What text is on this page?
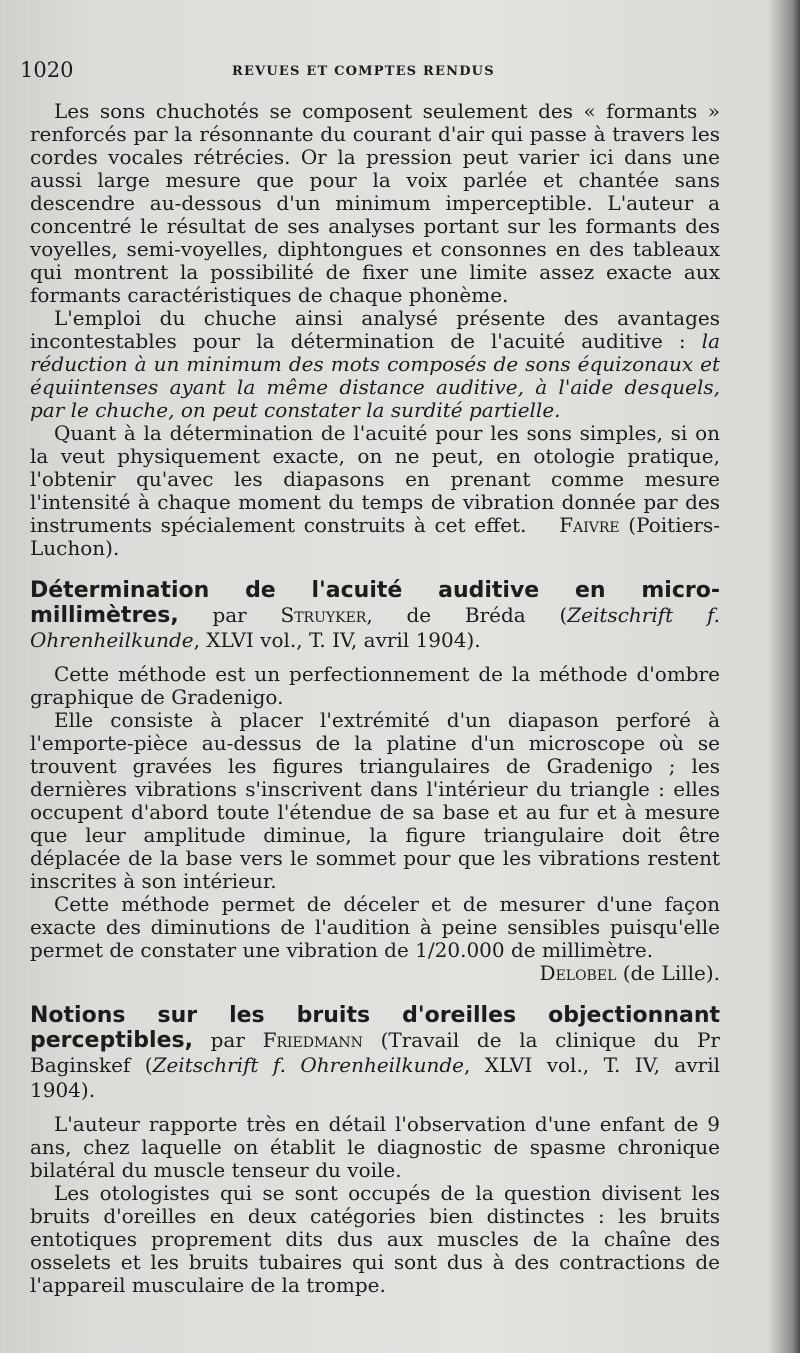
1020	REVUES ET COMPTES RENDUS

Les sons chuchotés se composent seulement des « formants » renforcés par la résonnante du courant d'air qui passe à travers les cordes vocales rétrécies. Or la pression peut varier ici dans une aussi large mesure que pour la voix parlée et chantée sans descendre au-dessous d'un minimum imperceptible. L'auteur a concentré le résultat de ses analyses portant sur les formants des voyelles, semi-voyelles, diphtongues et consonnes en des tableaux qui montrent la possibilité de fixer une limite assez exacte aux formants caractéristiques de chaque phonème.

L'emploi du chuche ainsi analysé présente des avantages incontestables pour la détermination de l'acuité auditive : la réduction à un minimum des mots composés de sons équizonaux et équiintenses ayant la même distance auditive, à l'aide desquels, par le chuche, on peut constater la surdité partielle.

Quant à la détermination de l'acuité pour les sons simples, si on la veut physiquement exacte, on ne peut, en otologie pratique, l'obtenir qu'avec les diapasons en prenant comme mesure l'intensité à chaque moment du temps de vibration donnée par des instruments spécialement construits à cet effet. Faivre (Poitiers-Luchon).

Détermination de l'acuité auditive en micro-millimètres, par Struyker, de Bréda (Zeitschrift f. Ohrenheilkunde, XLVI vol., T. IV, avril 1904).

Cette méthode est un perfectionnement de la méthode d'ombre graphique de Gradenigo.

Elle consiste à placer l'extrémité d'un diapason perforé à l'emporte-pièce au-dessus de la platine d'un microscope où se trouvent gravées les figures triangulaires de Gradenigo ; les dernières vibrations s'inscrivent dans l'intérieur du triangle : elles occupent d'abord toute l'étendue de sa base et au fur et à mesure que leur amplitude diminue, la figure triangulaire doit être déplacée de la base vers le sommet pour que les vibrations restent inscrites à son intérieur.

Cette méthode permet de déceler et de mesurer d'une façon exacte des diminutions de l'audition à peine sensibles puisqu'elle permet de constater une vibration de 1/20.000 de millimètre.

Delobel (de Lille).

Notions sur les bruits d'oreilles objectionnant perceptibles, par Friedmann (Travail de la clinique du Pr Baginskef (Zeitschrift f. Ohrenheilkunde, XLVI vol., T. IV, avril 1904).

L'auteur rapporte très en détail l'observation d'une enfant de 9 ans, chez laquelle on établit le diagnostic de spasme chronique bilatéral du muscle tenseur du voile.

Les otologistes qui se sont occupés de la question divisent les bruits d'oreilles en deux catégories bien distinctes : les bruits entotiques proprement dits dus aux muscles de la chaîne des osselets et les bruits tubaires qui sont dus à des contractions de l'appareil musculaire de la trompe.
